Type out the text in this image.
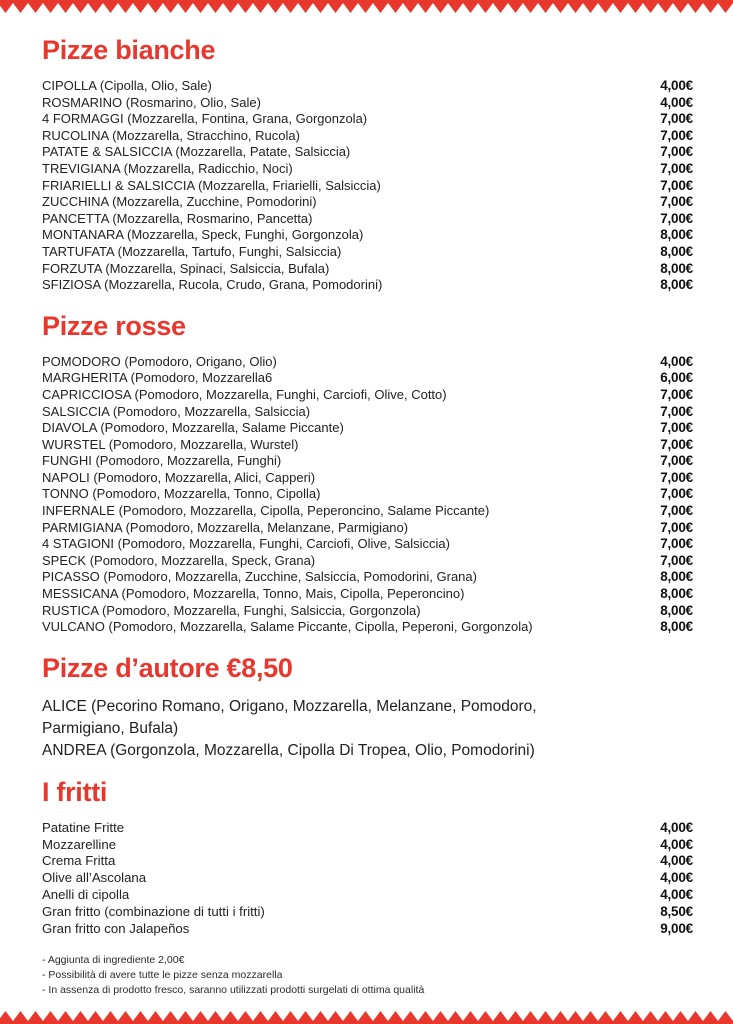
Pizze bianche
CIPOLLA (Cipolla, Olio, Sale)	4,00€
ROSMARINO (Rosmarino, Olio, Sale)	4,00€
4 FORMAGGI (Mozzarella, Fontina, Grana, Gorgonzola)	7,00€
RUCOLINA (Mozzarella, Stracchino, Rucola)	7,00€
PATATE & SALSICCIA (Mozzarella, Patate, Salsiccia)	7,00€
TREVIGIANA (Mozzarella, Radicchio, Noci)	7,00€
FRIARIELLI & SALSICCIA (Mozzarella, Friarielli, Salsiccia)	7,00€
ZUCCHINA (Mozzarella, Zucchine, Pomodorini)	7,00€
PANCETTA (Mozzarella, Rosmarino, Pancetta)	7,00€
MONTANARA (Mozzarella, Speck, Funghi, Gorgonzola)	8,00€
TARTUFATA (Mozzarella, Tartufo, Funghi, Salsiccia)	8,00€
FORZUTA (Mozzarella, Spinaci, Salsiccia, Bufala)	8,00€
SFIZIOSA (Mozzarella, Rucola, Crudo, Grana, Pomodorini)	8,00€
Pizze rosse
POMODORO (Pomodoro, Origano, Olio)	4,00€
MARGHERITA (Pomodoro, Mozzarella6	6,00€
CAPRICCIOSA (Pomodoro, Mozzarella, Funghi, Carciofi, Olive, Cotto)	7,00€
SALSICCIA (Pomodoro, Mozzarella, Salsiccia)	7,00€
DIAVOLA (Pomodoro, Mozzarella, Salame Piccante)	7,00€
WURSTEL (Pomodoro, Mozzarella, Wurstel)	7,00€
FUNGHI (Pomodoro, Mozzarella, Funghi)	7,00€
NAPOLI (Pomodoro, Mozzarella, Alici, Capperi)	7,00€
TONNO (Pomodoro, Mozzarella, Tonno, Cipolla)	7,00€
INFERNALE (Pomodoro, Mozzarella, Cipolla, Peperoncino, Salame Piccante)	7,00€
PARMIGIANA (Pomodoro, Mozzarella, Melanzane, Parmigiano)	7,00€
4 STAGIONI (Pomodoro, Mozzarella, Funghi, Carciofi, Olive, Salsiccia)	7,00€
SPECK (Pomodoro, Mozzarella, Speck, Grana)	7,00€
PICASSO (Pomodoro, Mozzarella, Zucchine, Salsiccia, Pomodorini, Grana)	8,00€
MESSICANA (Pomodoro, Mozzarella, Tonno, Mais, Cipolla, Peperoncino)	8,00€
RUSTICA (Pomodoro, Mozzarella, Funghi, Salsiccia, Gorgonzola)	8,00€
VULCANO (Pomodoro, Mozzarella, Salame Piccante, Cipolla, Peperoni, Gorgonzola)	8,00€
Pizze d’autore €8,50
ALICE (Pecorino Romano, Origano, Mozzarella, Melanzane, Pomodoro, Parmigiano, Bufala)
ANDREA (Gorgonzola, Mozzarella, Cipolla Di Tropea, Olio, Pomodorini)
I fritti
Patatine Fritte	4,00€
Mozzarelline	4,00€
Crema Fritta	4,00€
Olive all’Ascolana	4,00€
Anelli di cipolla	4,00€
Gran fritto (combinazione di tutti i fritti)	8,50€
Gran fritto con Jalapeños	9,00€
- Aggiunta di ingrediente 2,00€
- Possibilità di avere tutte le pizze senza mozzarella
- In assenza di prodotto fresco, saranno utilizzati prodotti surgelati di ottima qualità
